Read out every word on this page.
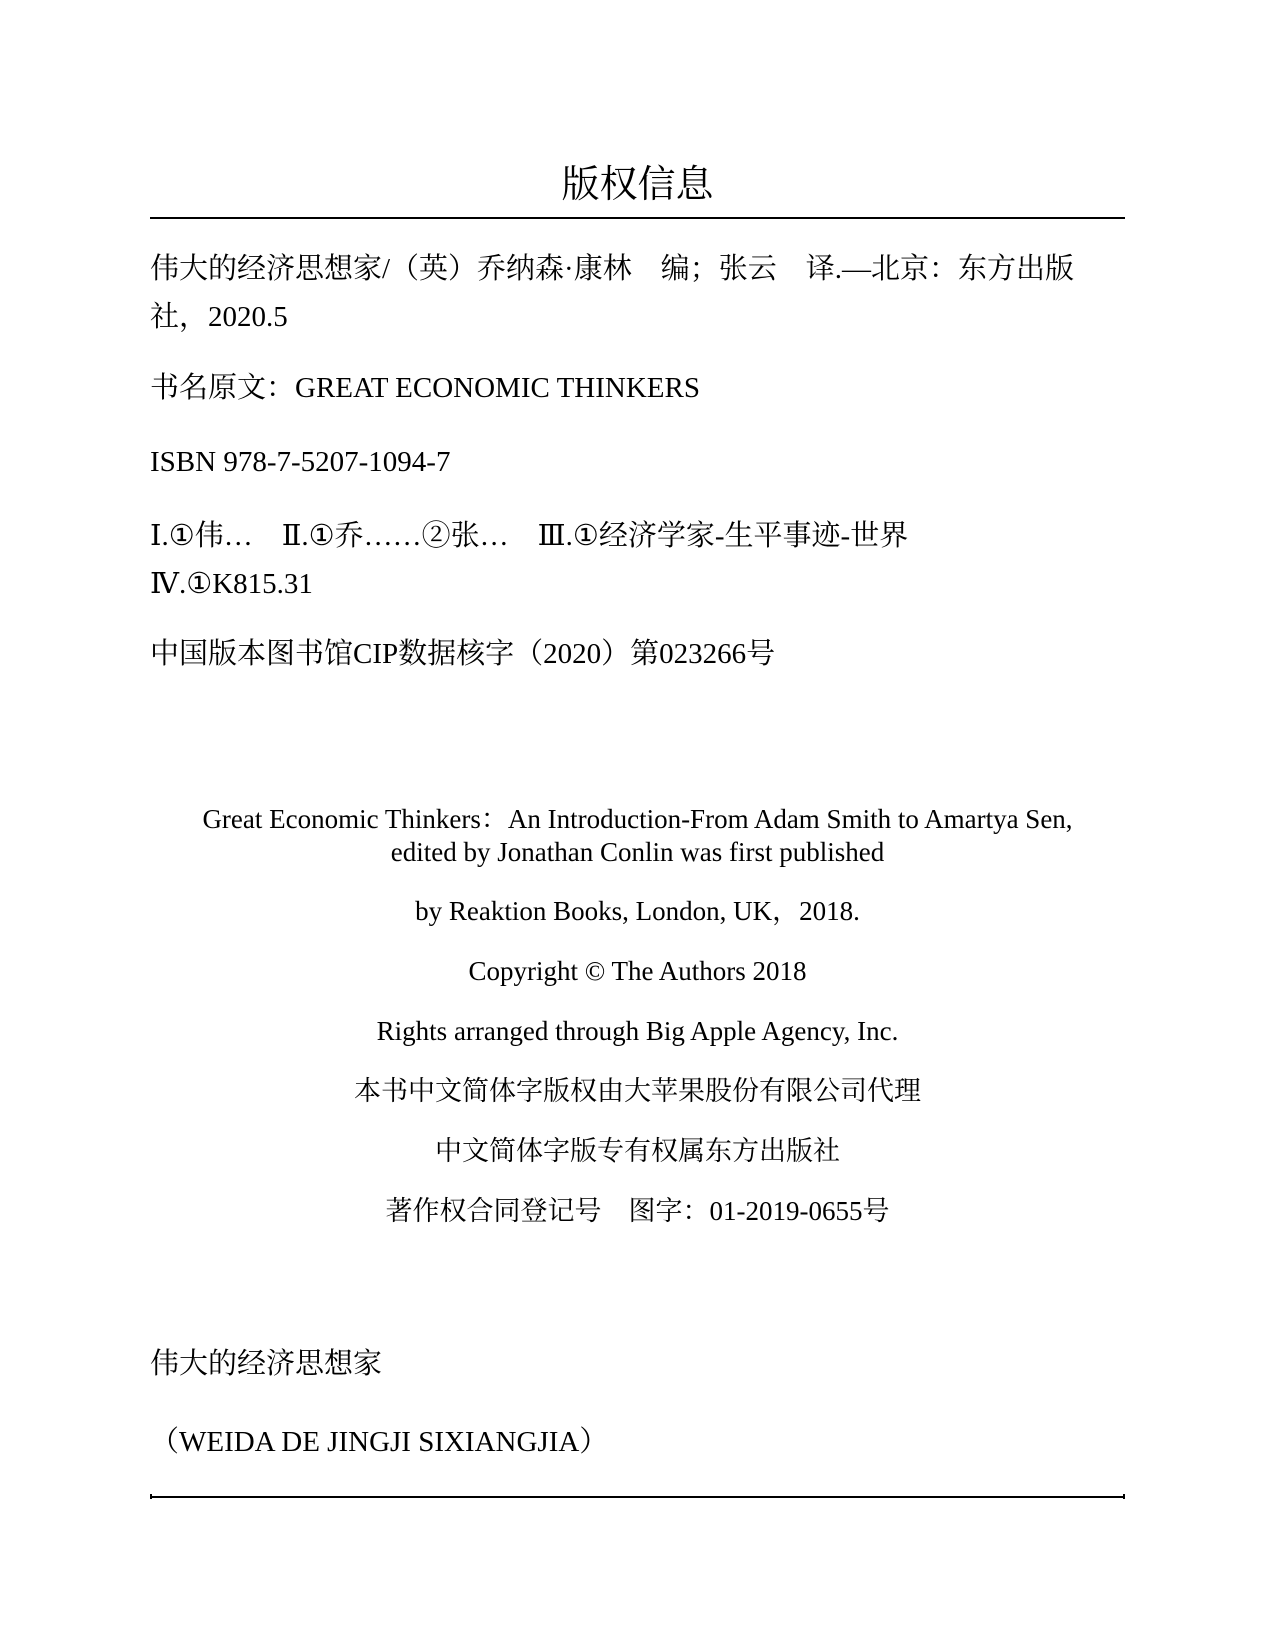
版权信息

伟大的经济思想家/（英）乔纳森·康林　编；张云　译.—北京：东方出版社，2020.5

书名原文：GREAT ECONOMIC THINKERS

ISBN 978-7-5207-1094-7

Ⅰ.①伟…　Ⅱ.①乔……②张…　Ⅲ.①经济学家-生平事迹-世界　Ⅳ.①K815.31

中国版本图书馆CIP数据核字（2020）第023266号

Great Economic Thinkers：An Introduction-From Adam Smith to Amartya Sen, edited by Jonathan Conlin was first published
by Reaktion Books, London, UK，2018.
Copyright © The Authors 2018
Rights arranged through Big Apple Agency, Inc.
本书中文简体字版权由大苹果股份有限公司代理
中文简体字版专有权属东方出版社
著作权合同登记号　图字：01-2019-0655号

伟大的经济思想家

（WEIDA DE JINGJI SIXIANGJIA）
